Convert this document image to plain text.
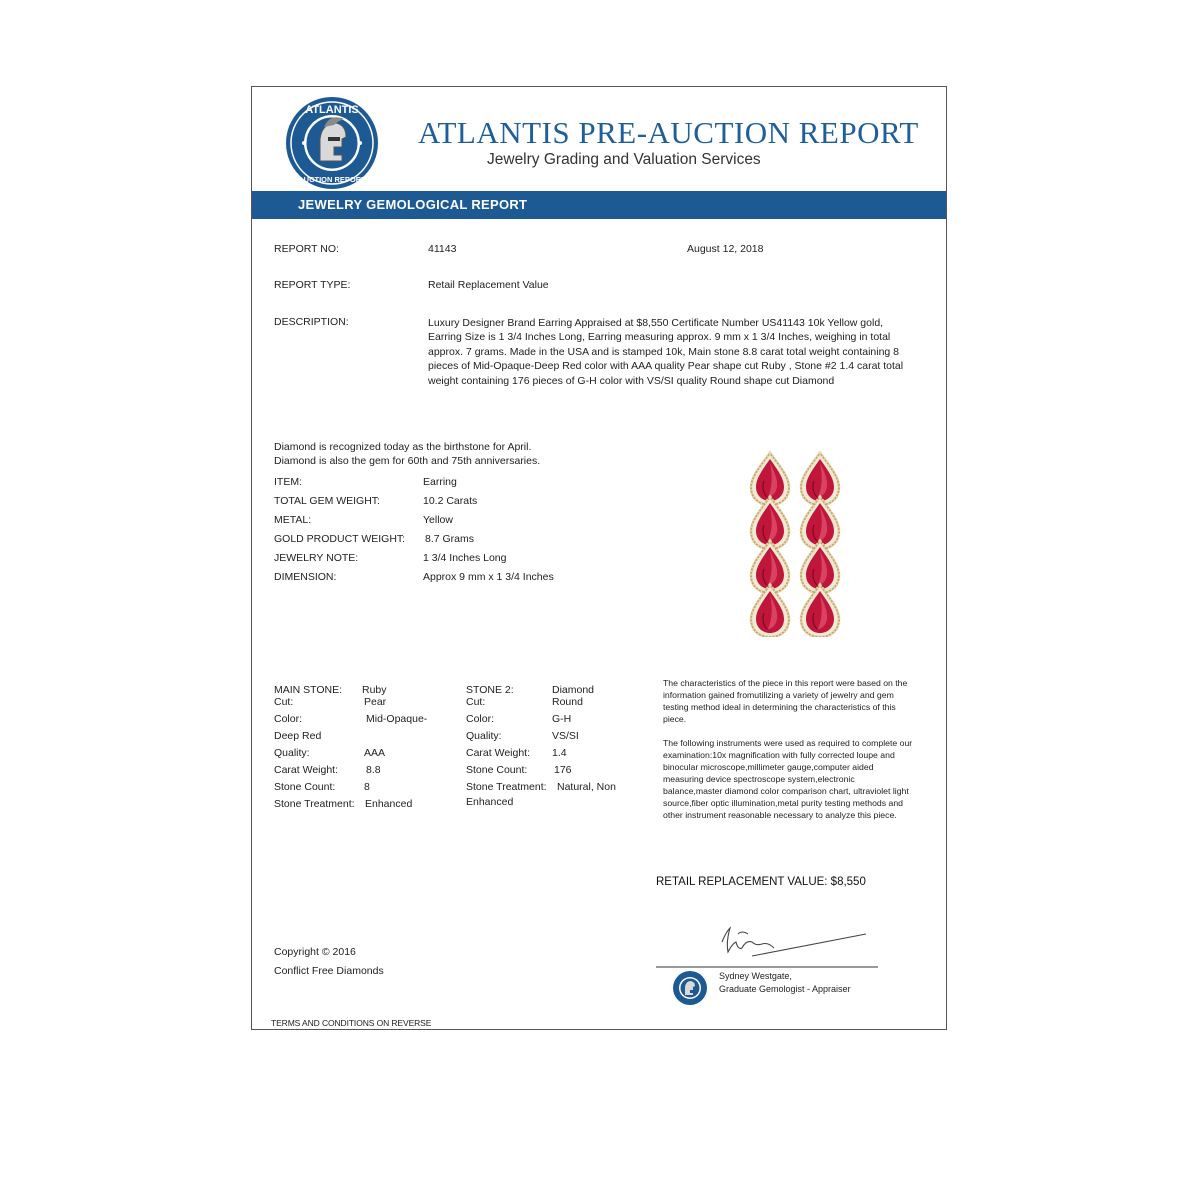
ATLANTIS
AUCTION REPORT
ATLANTIS PRE-AUCTION REPORT
Jewelry Grading and Valuation Services
JEWELRY GEMOLOGICAL REPORT
REPORT NO:	41143	August 12, 2018
REPORT TYPE:	Retail Replacement Value
DESCRIPTION:	Luxury Designer Brand Earring Appraised at $8,550 Certificate Number US41143 10k Yellow gold, Earring Size is 1 3/4 Inches Long, Earring measuring approx. 9 mm x 1 3/4 Inches, weighing in total approx. 7 grams. Made in the USA and is stamped 10k, Main stone 8.8 carat total weight containing 8 pieces of Mid-Opaque-Deep Red color with AAA quality Pear shape cut Ruby , Stone #2 1.4 carat total weight containing 176 pieces of G-H color with VS/SI quality Round shape cut Diamond
Diamond is recognized today as the birthstone for April.
Diamond is also the gem for 60th and 75th anniversaries.
ITEM:	Earring
TOTAL GEM WEIGHT:	10.2 Carats
METAL:	Yellow
GOLD PRODUCT WEIGHT: 8.7 Grams
JEWELRY NOTE:	1 3/4 Inches Long
DIMENSION:	Approx 9 mm x 1 3/4 Inches
MAIN STONE: Ruby
Cut:	Pear
Color:	Mid-Opaque-
Deep Red
Quality:	AAA
Carat Weight:	8.8
Stone Count:	8
Stone Treatment: Enhanced
STONE 2:	Diamond
Cut:	Round
Color:	G-H
Quality:	VS/SI
Carat Weight: 1.4
Stone Count:	176
Stone Treatment: Natural, Non
Enhanced

The characteristics of the piece in this report were based on the information gained fromutilizing a variety of jewelry and gem testing method ideal in determining the characteristics of this piece.

The following instruments were used as required to complete our examination:10x magnification with fully corrected loupe and binocular microscope,millimeter gauge,computer aided measuring device spectroscope system,electronic balance,master diamond color comparison chart, ultraviolet light source,fiber optic illumination,metal purity testing methods and other instrument reasonable necessary to analyze this piece.

RETAIL REPLACEMENT VALUE: $8,550
Copyright © 2016
Conflict Free Diamonds	Sydney Westgate,
Graduate Gemologist - Appraiser
TERMS AND CONDITIONS ON REVERSE
